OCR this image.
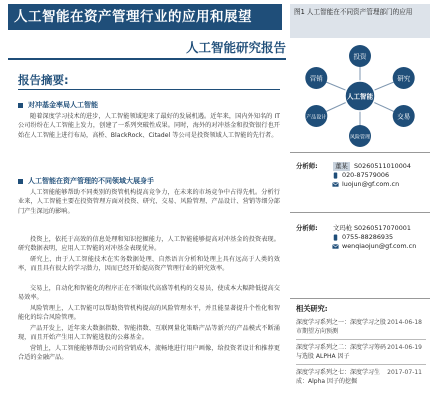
人工智能在资产管理行业的应用和展望
人工智能研究报告
报告摘要:
对冲基金率局人工智能

随着深度学习技术的进步，人工智能领域迎来了最好的发展机遇。近年来，国内外知名的 IT 公司纷纷在人工智能上发力，创建了一系列突破性成果。同时，海外的对冲基金和投资银行也开始在人工智能上进行布局，高桥、BlackRock、Citadel 等公司是投资领域人工智能的先行者。

人工智能在资产管理的不同领域大展身手

人工智能能够帮助不同类别的资管机构提高竞争力，在未来的市场竞争中占得先机。分析行业来，人工智能主要在投资管理方面对投资、研究、交易、风险管理、产品设计、营销等细分部门产生深远的影响。

投资上，依托于高效的信息处理和知识挖掘能力，人工智能能够提高对冲基金的投资表现。研究数据表明，应用人工智能的对冲基金表现优异。

研究上，由于人工智能技术在实务数据处理、自然语言分析和处理上具有远高于人类的效率，而且具有很大的学习潜力，因而已经开始提高资产管理行业的研究效率。

交易上，自动化和智能化的程序正在不断取代高盛等机构的交易员，使成本大幅降低提高交易效率。

风险管理上，人工智能可以帮助资管机构提高的风险管理水平，并且能显著提升个性化和智能化的综合风险管理。

产品开发上，近年来大数据指数、智能指数、互联网量化策略产品等新兴的产品模式不断涌现，而且开始产生用人工智能选股的公募基金。

营销上，人工智能能够帮助公司的营销成本，流畅地进行用户画像，给投资者设计和推荐更合适的金融产品。

图1 人工智能在不同资产管理部门的应用
投资
研究
交易
风险管理
产品设计
营销
人工智能
分析师:	董某 S0260511010004
020-87579006
luojun@gf.com.cn
分析师: 文玛枪 S0260517070001
0755-88286935
wenqiaojun@gf.com.cn
相关研究:
深度学习系列之一：深度学习之股市期望方向预测
2014-06-18
深度学习系列之二：深度学习筹码与选股 ALPHA 因子
2014-06-19
深度学习系列之七：深度学习生成：Alpha 因子的挖掘
2017-07-11
